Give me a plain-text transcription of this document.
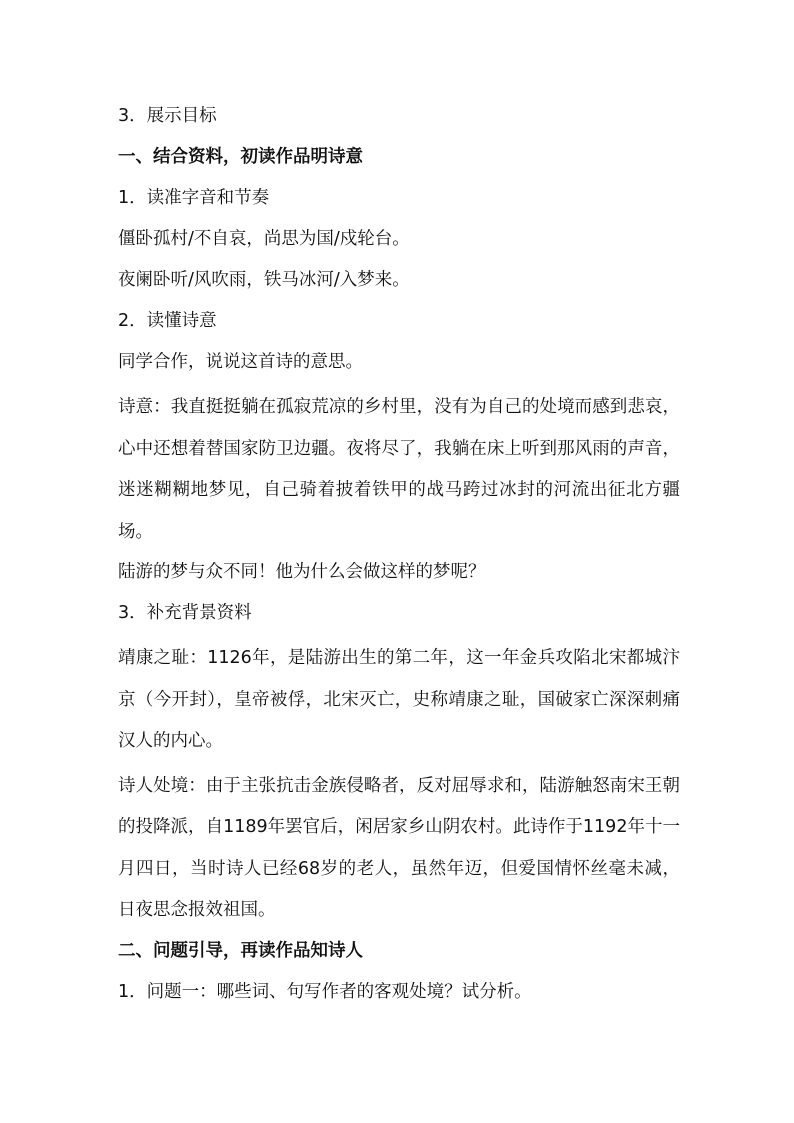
3．展示目标
一、结合资料，初读作品明诗意
1．读准字音和节奏
僵卧孤村/不自哀，尚思为国/戍轮台。
夜阑卧听/风吹雨，铁马冰河/入梦来。
2．读懂诗意
同学合作，说说这首诗的意思。
诗意：我直挺挺躺在孤寂荒凉的乡村里，没有为自己的处境而感到悲哀，心中还想着替国家防卫边疆。夜将尽了，我躺在床上听到那风雨的声音，迷迷糊糊地梦见，自己骑着披着铁甲的战马跨过冰封的河流出征北方疆场。
陆游的梦与众不同！他为什么会做这样的梦呢？
3．补充背景资料
靖康之耻：1126年，是陆游出生的第二年，这一年金兵攻陷北宋都城汴京（今开封），皇帝被俘，北宋灭亡，史称靖康之耻，国破家亡深深刺痛汉人的内心。
诗人处境：由于主张抗击金族侵略者，反对屈辱求和，陆游触怒南宋王朝的投降派，自1189年罢官后，闲居家乡山阴农村。此诗作于1192年十一月四日，当时诗人已经68岁的老人，虽然年迈，但爱国情怀丝毫未减，日夜思念报效祖国。
二、问题引导，再读作品知诗人
1．问题一：哪些词、句写作者的客观处境？试分析。
